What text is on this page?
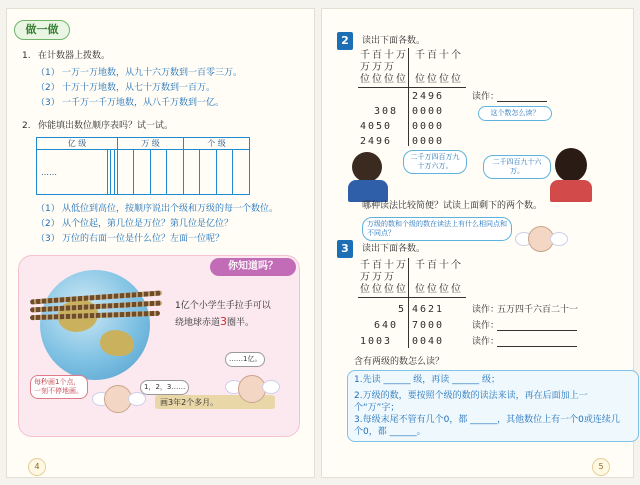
做一做
1. 在计数器上拨数。
（1） 一万一万地数，从九十六万数到一百零三万。
（2） 十万十万地数，从七十万数到一百万。
（3） 一千万一千万地数，从八千万数到一亿。
2. 你能填出数位顺序表吗？试一试。
亿 级				万 级				个 级			
……											
（1） 从低位到高位，按顺序说出个级和万级的每一个数位。
（2） 从个位起，第几位是万位？第几位是亿位？
（3） 万位的右面一位是什么位？左面一位呢？
你知道吗？
1亿个小学生手拉手可以
绕地球赤道3圈半。
每秒画1个点，一刻不停地画。	1，2，3……
……1亿。
画3年2个多月。
4
2	读出下面各数。
千百十万 千百十个
万万万
位位位位 位位位位
2496	读作：
308 0000
4050 0000
2496 0000
这个数怎么读？
二千万四百万九十万六万。	二千四百九十六万。
哪种读法比较简便？试读上面剩下的两个数。
万级的数和个级的数在读法上有什么相同点和不同点？
3	读出下面各数。
千百十万 千百十个
万万万
位位位位 位位位位
5 4621	读作：
五万四千六百二十一
640 7000	读作：
1003 0040	读作：
含有两级的数怎么读？
1.先读 ______ 级，再读 ______ 级；
2.万级的数，要按照个级的数的读法来读，再在后面加上一个“万”字；
3.每级末尾不管有几个0，都 ______，其他数位上有一个0或连续几个0，都 ______。
5
